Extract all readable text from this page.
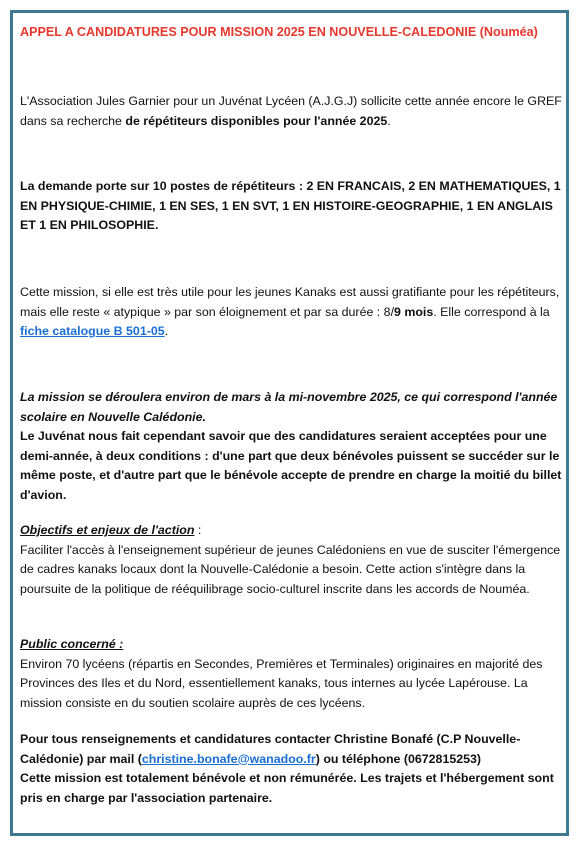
APPEL A CANDIDATURES POUR MISSION 2025 EN NOUVELLE-CALEDONIE (Nouméa)

L'Association Jules Garnier pour un Juvénat Lycéen (A.J.G.J) sollicite cette année encore le GREF dans sa recherche de répétiteurs disponibles pour l'année 2025.

La demande porte sur 10 postes de répétiteurs : 2 EN FRANCAIS, 2 EN MATHEMATIQUES, 1 EN PHYSIQUE-CHIMIE, 1 EN SES, 1 EN SVT, 1 EN HISTOIRE-GEOGRAPHIE, 1 EN ANGLAIS ET 1 EN PHILOSOPHIE.

Cette mission, si elle est très utile pour les jeunes Kanaks est aussi gratifiante pour les répétiteurs, mais elle reste « atypique » par son éloignement et par sa durée : 8/9 mois. Elle correspond à la fiche catalogue B 501-05.

La mission se déroulera environ de mars à la mi-novembre 2025, ce qui correspond l'année scolaire en Nouvelle Calédonie.

Le Juvénat nous fait cependant savoir que des candidatures seraient acceptées pour une demi-année, à deux conditions : d'une part que deux bénévoles puissent se succéder sur le même poste, et d'autre part que le bénévole accepte de prendre en charge la moitié du billet d'avion.

Objectifs et enjeux de l'action :

Faciliter l'accès à l'enseignement supérieur de jeunes Calédoniens en vue de susciter l'émergence de cadres kanaks locaux dont la Nouvelle-Calédonie a besoin. Cette action s'intègre dans la poursuite de la politique de rééquilibrage socio-culturel inscrite dans les accords de Nouméa.

Public concerné :

Environ 70 lycéens (répartis en Secondes, Premières et Terminales) originaires en majorité des Provinces des Iles et du Nord, essentiellement kanaks, tous internes au lycée Lapérouse. La mission consiste en du soutien scolaire auprès de ces lycéens.

Pour tous renseignements et candidatures contacter Christine Bonafé (C.P Nouvelle-Calédonie) par mail (christine.bonafe@wanadoo.fr) ou téléphone (0672815253)

Cette mission est totalement bénévole et non rémunérée. Les trajets et l'hébergement sont pris en charge par l'association partenaire.
